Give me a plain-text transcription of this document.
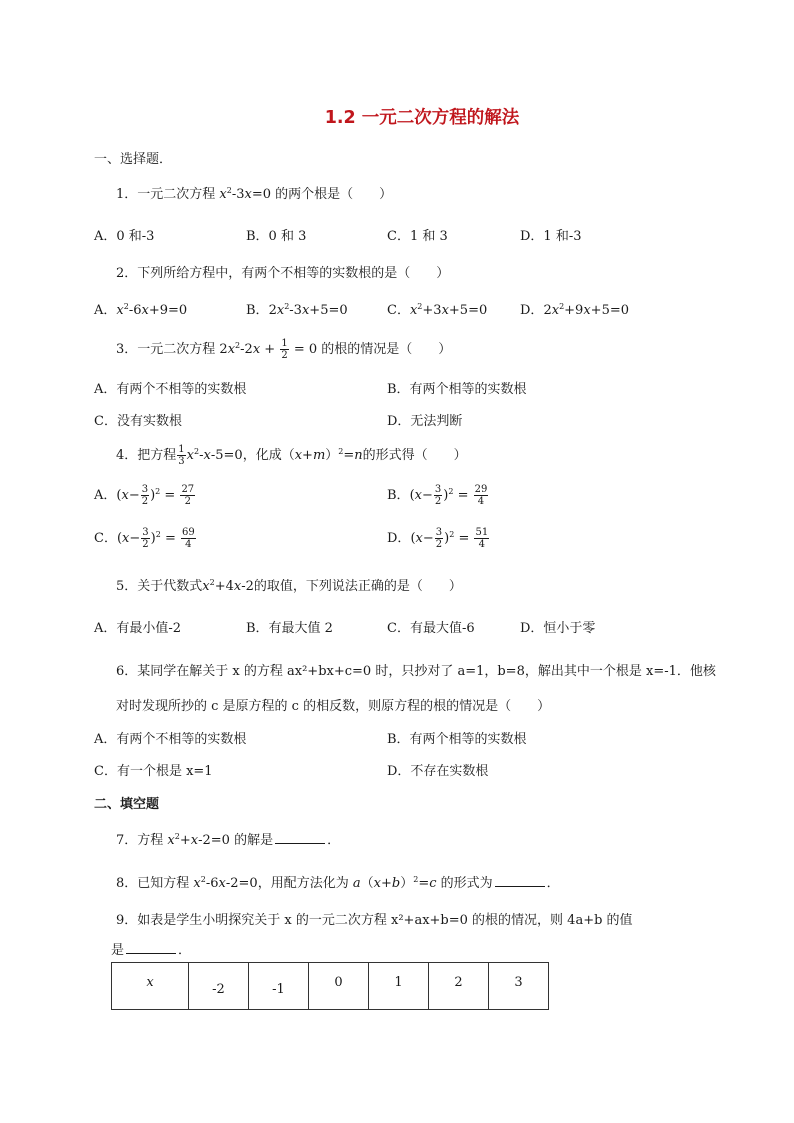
1.2 一元二次方程的解法
一、选择题．
1．一元二次方程 $x^2-3x=0$ 的两个根是（　　）
A．0 和-3	B．0 和 3	C．1 和 3	D．1 和-3
2．下列所给方程中，有两个不相等的实数根的是（　　）
A．$x^2-6x+9=0$	B．$2x^2-3x+5=0$	C．$x^2+3x+5=0$	D．$2x^2+9x+5=0$
3．一元二次方程 $2x^2-2x + \frac{1}{2} = 0$ 的根的情况是（　　）
A．有两个不相等的实数根	B．有两个相等的实数根
C．没有实数根	D．无法判断
4．把方程 $\frac{1}{3} x^2-x-5=0$，化成$(x+m)^2=n$的形式得（　　）
A．$(x- \frac{3}{2} )^2 = \frac{27}{2}$	B．$(x- \frac{3}{2} )^2 = \frac{29}{4}$
C．$(x- \frac{3}{2} )^2 = \frac{69}{4}$	D．$(x- \frac{3}{2} )^2 = \frac{51}{4}$
5．关于代数式$x^2+4x-2$的取值，下列说法正确的是（　　）
A．有最小值-2	B．有最大值 2	C．有最大值-6	D．恒小于零
6．某同学在解关于 x 的方程 ax²+bx+c=0 时，只抄对了 a=1，b=8，解出其中一个根是 x=-1．他核
对时发现所抄的 c 是原方程的 c 的相反数，则原方程的根的情况是（　　）
A．有两个不相等的实数根	B．有两个相等的实数根
C．有一个根是 x=1	D．不存在实数根
二、填空题
7．方程 $x^2+x-2=0$ 的解是	．
8．已知方程 $x^2-6x-2=0$，用配方法化为 $a(x+b)^2=c$ 的形式为	．
9．如表是学生小明探究关于 x 的一元二次方程 x²+ax+b=0 的根的情况，则 4a+b 的值
是	．
x	-2	-1	0	1	2	3
